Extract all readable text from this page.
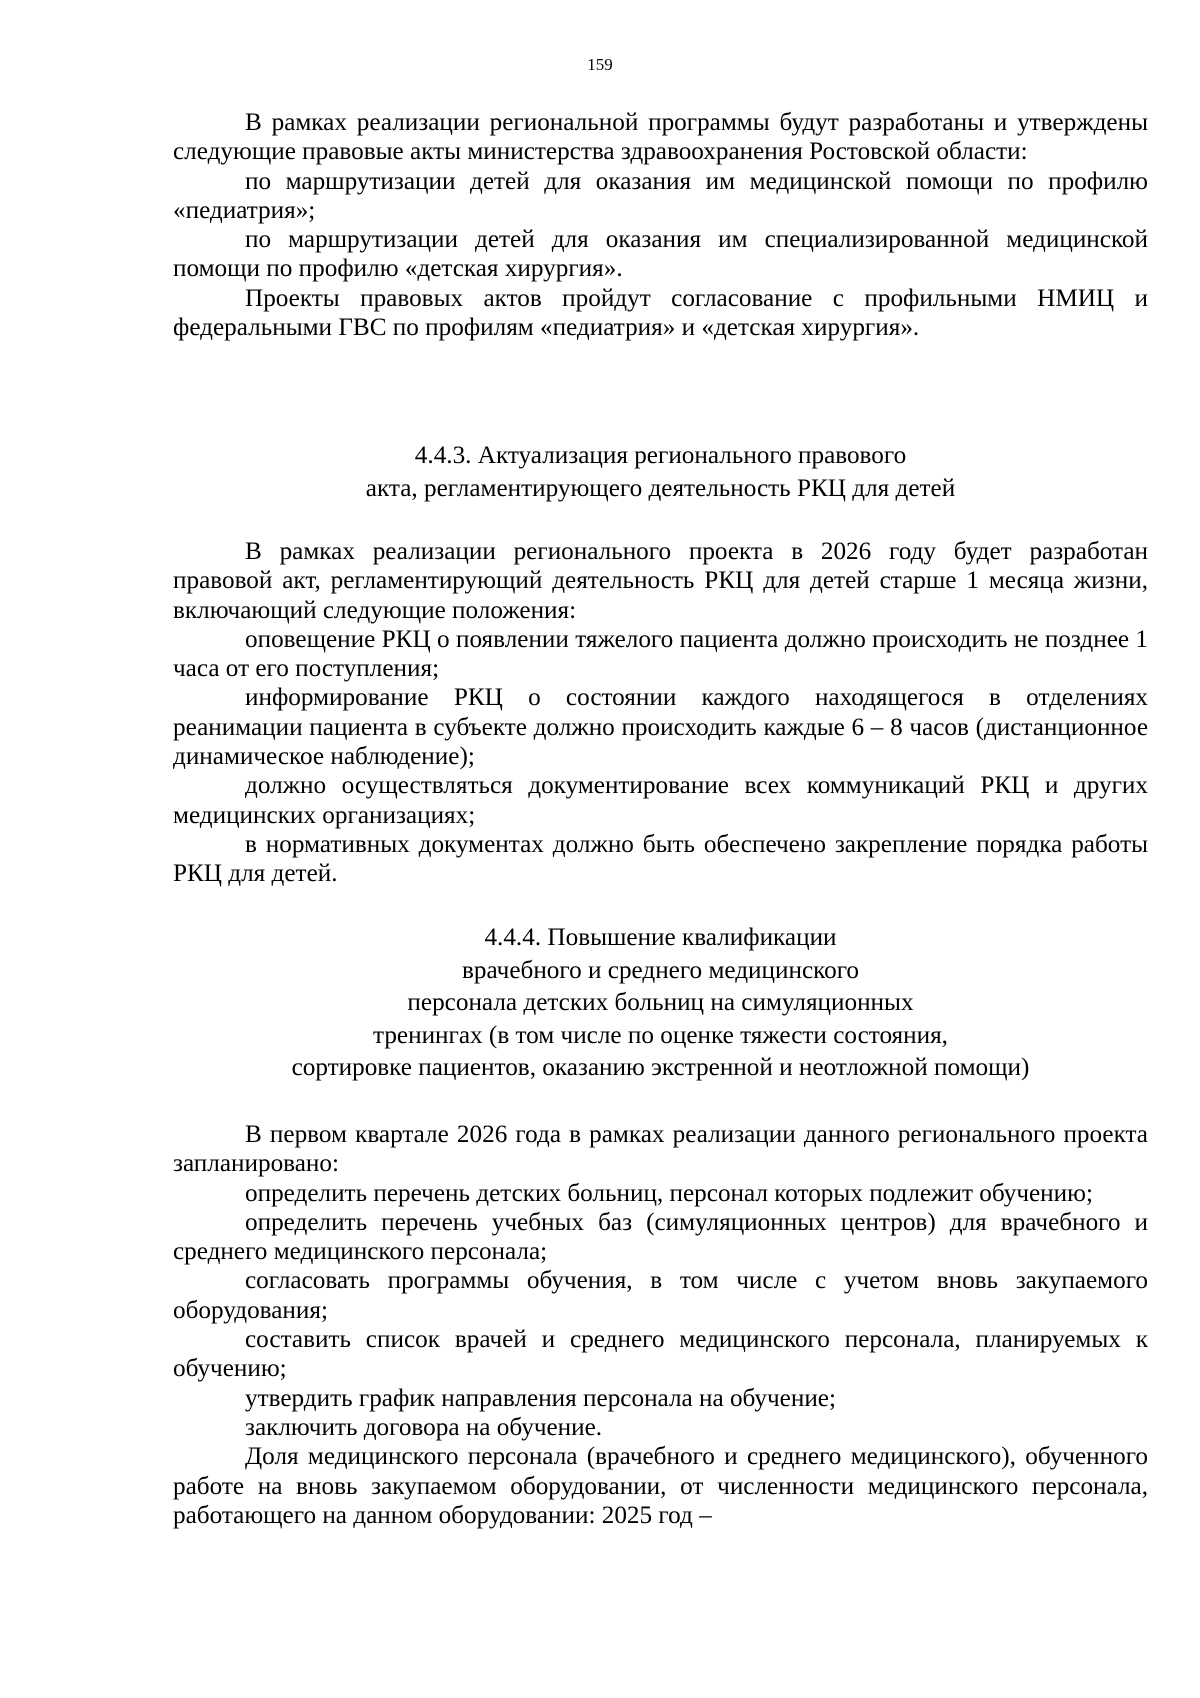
159

В рамках реализации региональной программы будут разработаны и утверждены следующие правовые акты министерства здравоохранения Ростовской области:

по маршрутизации детей для оказания им медицинской помощи по профилю «педиатрия»;

по маршрутизации детей для оказания им специализированной медицинской помощи по профилю «детская хирургия».

Проекты правовых актов пройдут согласование с профильными НМИЦ и федеральными ГВС по профилям «педиатрия» и «детская хирургия».

4.4.3. Актуализация регионального правового
акта, регламентирующего деятельность РКЦ для детей

В рамках реализации регионального проекта в 2026 году будет разработан правовой акт, регламентирующий деятельность РКЦ для детей старше 1 месяца жизни, включающий следующие положения:

оповещение РКЦ о появлении тяжелого пациента должно происходить не позднее 1 часа от его поступления;

информирование РКЦ о состоянии каждого находящегося в отделениях реанимации пациента в субъекте должно происходить каждые 6 – 8 часов (дистанционное динамическое наблюдение);

должно осуществляться документирование всех коммуникаций РКЦ и других медицинских организациях;

в нормативных документах должно быть обеспечено закрепление порядка работы РКЦ для детей.

4.4.4. Повышение квалификации
врачебного и среднего медицинского
персонала детских больниц на симуляционных
тренингах (в том числе по оценке тяжести состояния,
сортировке пациентов, оказанию экстренной и неотложной помощи)

В первом квартале 2026 года в рамках реализации данного регионального проекта запланировано:

определить перечень детских больниц, персонал которых подлежит обучению;

определить перечень учебных баз (симуляционных центров) для врачебного и среднего медицинского персонала;

согласовать программы обучения, в том числе с учетом вновь закупаемого оборудования;

составить список врачей и среднего медицинского персонала, планируемых к обучению;

утвердить график направления персонала на обучение;

заключить договора на обучение.

Доля медицинского персонала (врачебного и среднего медицинского), обученного работе на вновь закупаемом оборудовании, от численности медицинского персонала, работающего на данном оборудовании: 2025 год –
